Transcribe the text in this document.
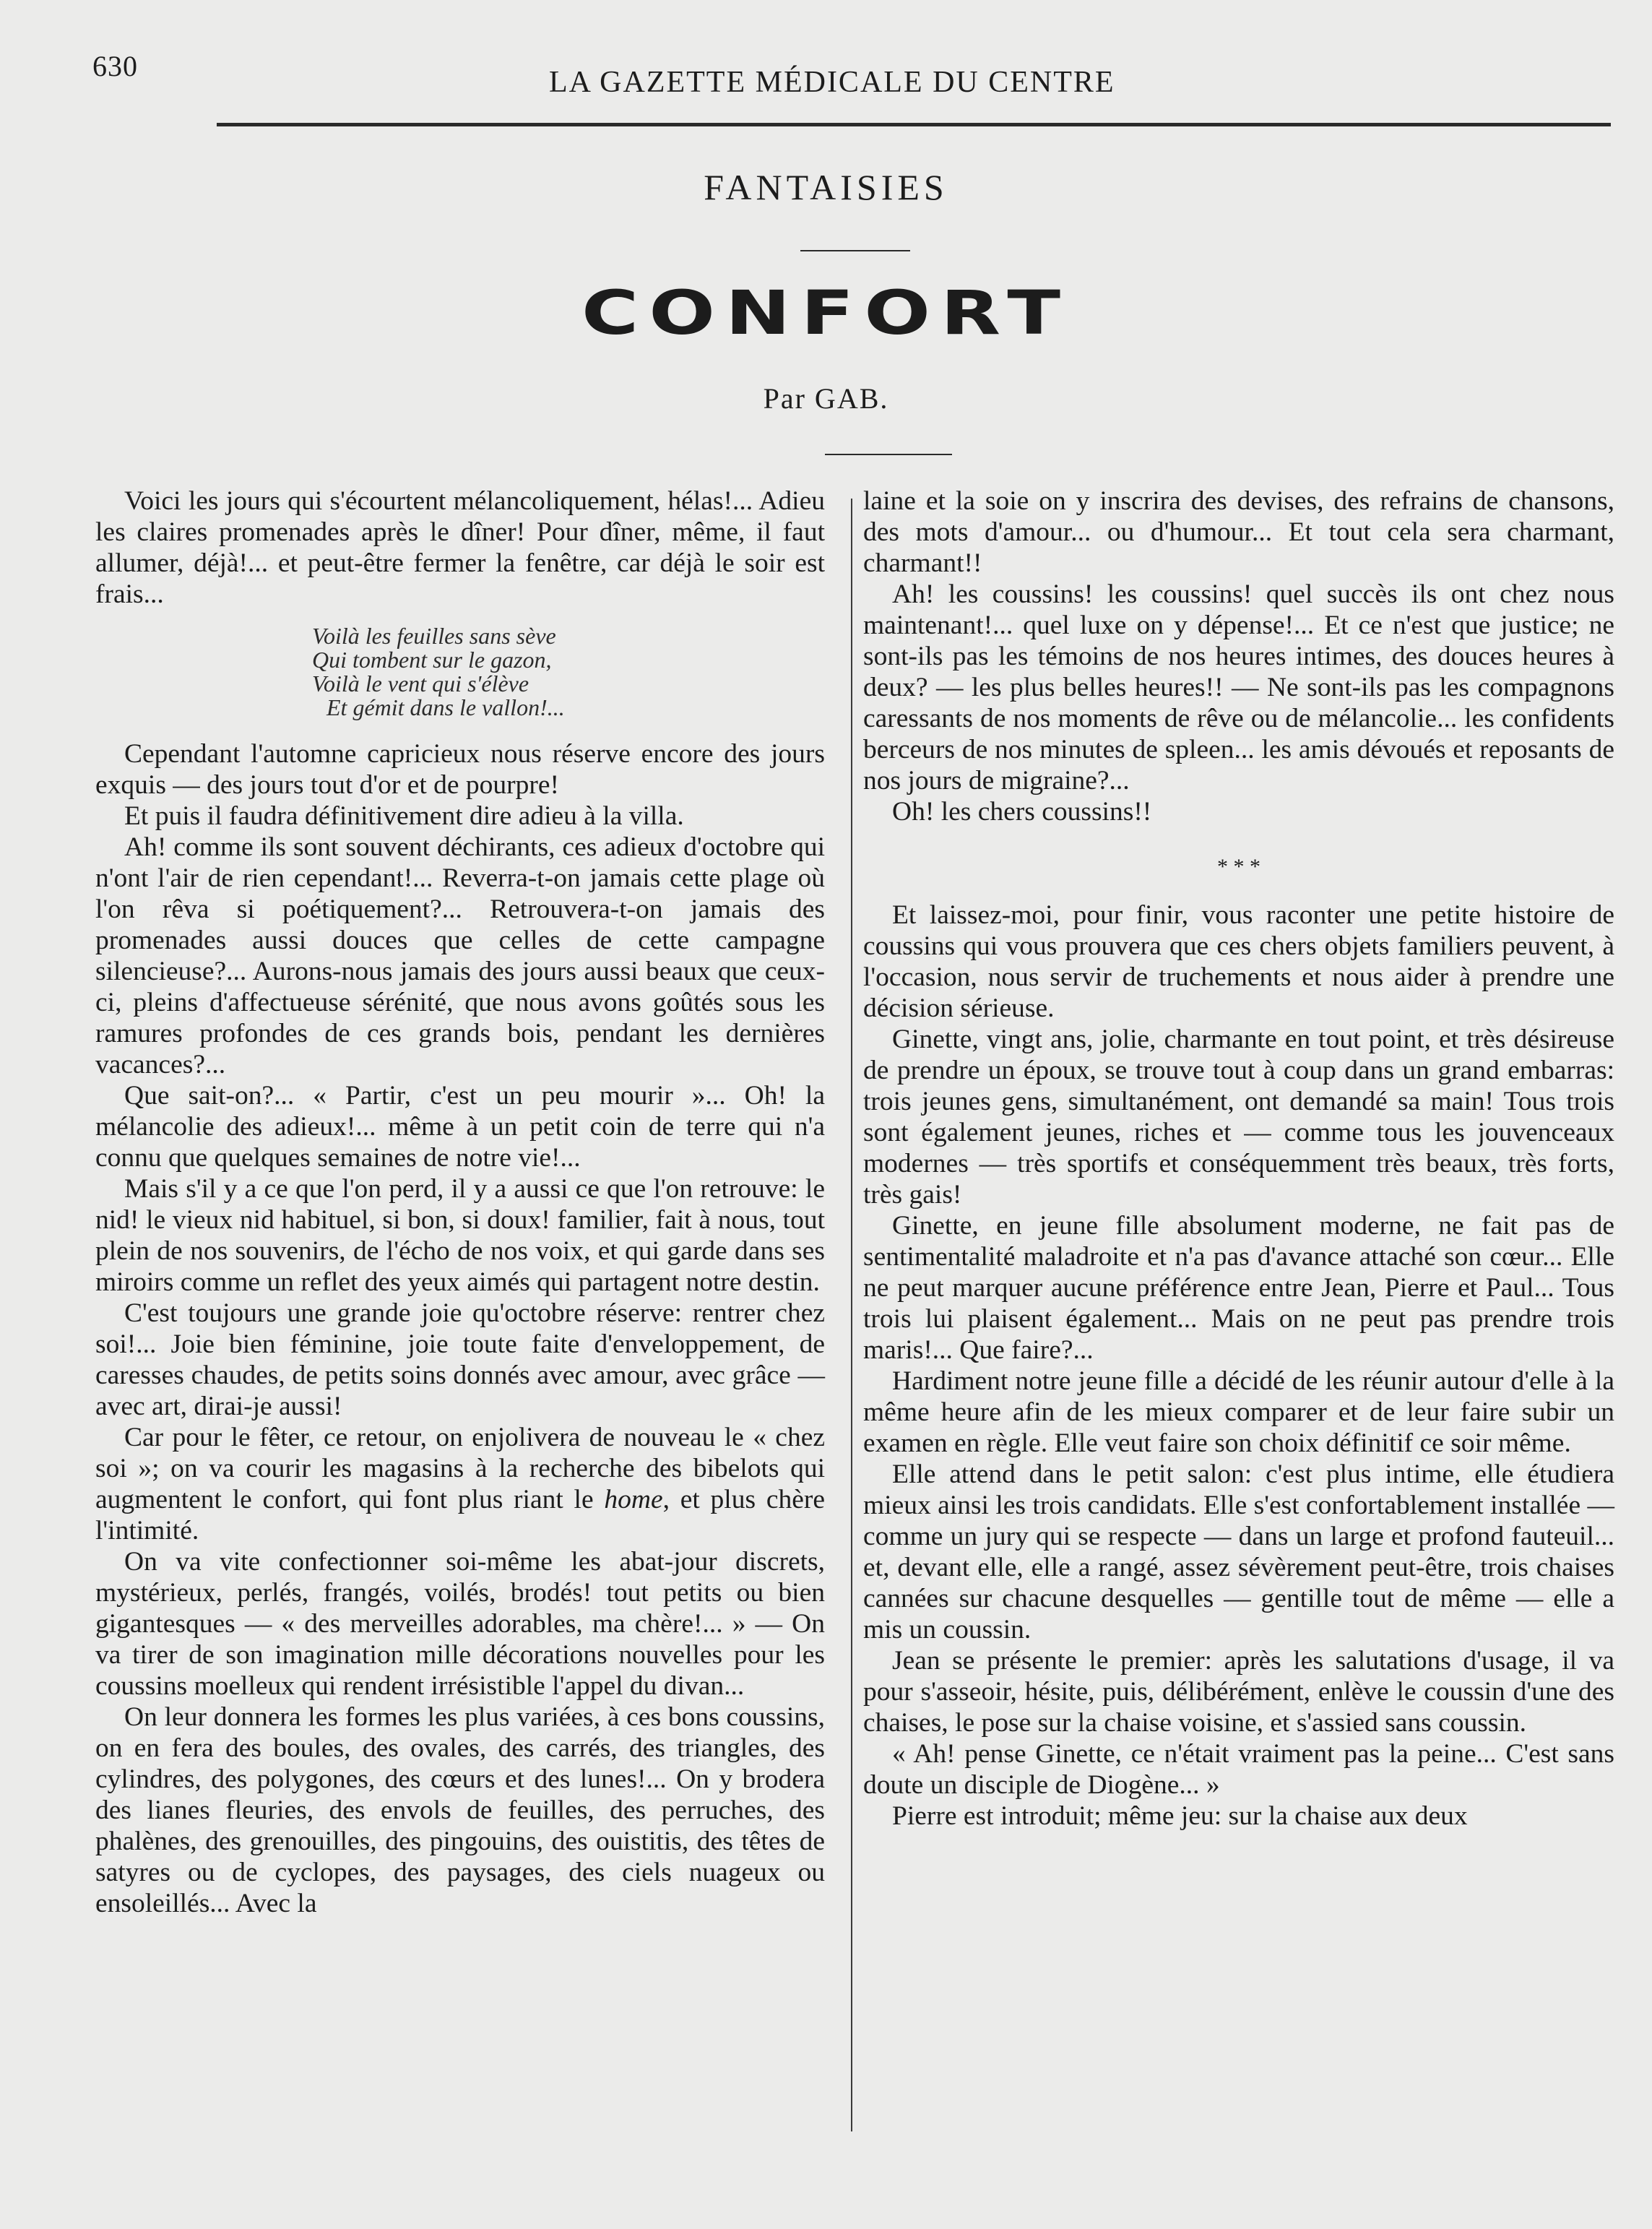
630	LA GAZETTE MÉDICALE DU CENTRE
FANTAISIES
CONFORT
Par GAB.

Voici les jours qui s'écourtent mélancoliquement, hélas!... Adieu les claires promenades après le dîner! Pour dîner, même, il faut allumer, déjà!... et peut-être fermer la fenêtre, car déjà le soir est frais...

Voilà les feuilles sans sève
Qui tombent sur le gazon,
Voilà le vent qui s'élève
Et gémit dans le vallon!...

Cependant l'automne capricieux nous réserve encore des jours exquis — des jours tout d'or et de pourpre!

Et puis il faudra définitivement dire adieu à la villa.

Ah! comme ils sont souvent déchirants, ces adieux d'octobre qui n'ont l'air de rien cependant!... Reverra-t-on jamais cette plage où l'on rêva si poétiquement?... Retrouvera-t-on jamais des promenades aussi douces que celles de cette campagne silencieuse?... Aurons-nous jamais des jours aussi beaux que ceux-ci, pleins d'affectueuse sérénité, que nous avons goûtés sous les ramures profondes de ces grands bois, pendant les dernières vacances?...

Que sait-on?... « Partir, c'est un peu mourir »... Oh! la mélancolie des adieux!... même à un petit coin de terre qui n'a connu que quelques semaines de notre vie!...

Mais s'il y a ce que l'on perd, il y a aussi ce que l'on retrouve: le nid! le vieux nid habituel, si bon, si doux! familier, fait à nous, tout plein de nos souvenirs, de l'écho de nos voix, et qui garde dans ses miroirs comme un reflet des yeux aimés qui partagent notre destin.

C'est toujours une grande joie qu'octobre réserve: rentrer chez soi!... Joie bien féminine, joie toute faite d'enveloppement, de caresses chaudes, de petits soins donnés avec amour, avec grâce — avec art, dirai-je aussi!

Car pour le fêter, ce retour, on enjolivera de nouveau le « chez soi »; on va courir les magasins à la recherche des bibelots qui augmentent le confort, qui font plus riant le home, et plus chère l'intimité.

On va vite confectionner soi-même les abat-jour discrets, mystérieux, perlés, frangés, voilés, brodés! tout petits ou bien gigantesques — « des merveilles adorables, ma chère!... » — On va tirer de son imagination mille décorations nouvelles pour les coussins moelleux qui rendent irrésistible l'appel du divan...

On leur donnera les formes les plus variées, à ces bons coussins, on en fera des boules, des ovales, des carrés, des triangles, des cylindres, des polygones, des cœurs et des lunes!... On y brodera des lianes fleuries, des envols de feuilles, des perruches, des phalènes, des grenouilles, des pingouins, des ouistitis, des têtes de satyres ou de cyclopes, des paysages, des ciels nuageux ou ensoleillés... Avec la

laine et la soie on y inscrira des devises, des refrains de chansons, des mots d'amour... ou d'humour... Et tout cela sera charmant, charmant!!

Ah! les coussins! les coussins! quel succès ils ont chez nous maintenant!... quel luxe on y dépense!... Et ce n'est que justice; ne sont-ils pas les témoins de nos heures intimes, des douces heures à deux? — les plus belles heures!! — Ne sont-ils pas les compagnons caressants de nos moments de rêve ou de mélancolie... les confidents berceurs de nos minutes de spleen... les amis dévoués et reposants de nos jours de migraine?...

Oh! les chers coussins!!

* * *

Et laissez-moi, pour finir, vous raconter une petite histoire de coussins qui vous prouvera que ces chers objets familiers peuvent, à l'occasion, nous servir de truchements et nous aider à prendre une décision sérieuse.

Ginette, vingt ans, jolie, charmante en tout point, et très désireuse de prendre un époux, se trouve tout à coup dans un grand embarras: trois jeunes gens, simultanément, ont demandé sa main! Tous trois sont également jeunes, riches et — comme tous les jouvenceaux modernes — très sportifs et conséquemment très beaux, très forts, très gais!

Ginette, en jeune fille absolument moderne, ne fait pas de sentimentalité maladroite et n'a pas d'avance attaché son cœur... Elle ne peut marquer aucune préférence entre Jean, Pierre et Paul... Tous trois lui plaisent également... Mais on ne peut pas prendre trois maris!... Que faire?...

Hardiment notre jeune fille a décidé de les réunir autour d'elle à la même heure afin de les mieux comparer et de leur faire subir un examen en règle. Elle veut faire son choix définitif ce soir même.

Elle attend dans le petit salon: c'est plus intime, elle étudiera mieux ainsi les trois candidats. Elle s'est confortablement installée — comme un jury qui se respecte — dans un large et profond fauteuil... et, devant elle, elle a rangé, assez sévèrement peut-être, trois chaises cannées sur chacune desquelles — gentille tout de même — elle a mis un coussin.

Jean se présente le premier: après les salutations d'usage, il va pour s'asseoir, hésite, puis, délibérément, enlève le coussin d'une des chaises, le pose sur la chaise voisine, et s'assied sans coussin.

« Ah! pense Ginette, ce n'était vraiment pas la peine... C'est sans doute un disciple de Diogène... »

Pierre est introduit; même jeu: sur la chaise aux deux
